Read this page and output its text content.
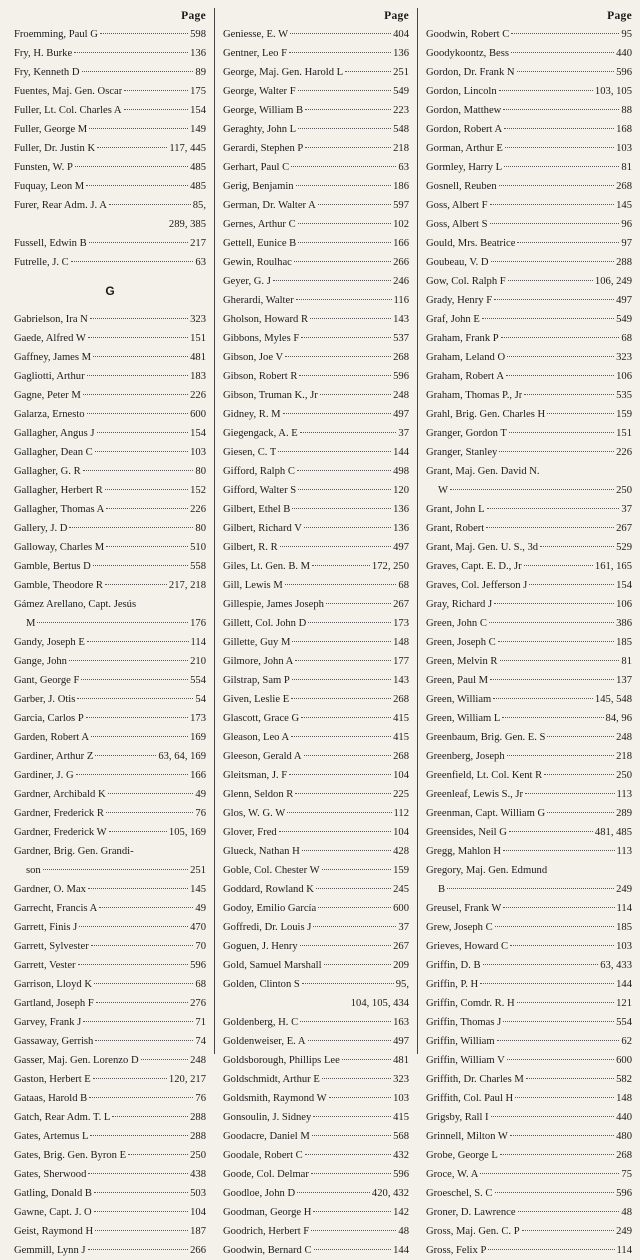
Page
Froemming, Paul G	598
Fry, H. Burke	136
Fry, Kenneth D	89
Fuentes, Maj. Gen. Oscar	175
Fuller, Lt. Col. Charles A	154
Fuller, George M	149
Fuller, Dr. Justin K	117, 445
Funsten, W. P	485
Fuquay, Leon M	485
Furer, Rear Adm. J. A	85,
289, 385
Fussell, Edwin B	217
Futrelle, J. C	63
G
Gabrielson, Ira N	323
Gaede, Alfred W	151
Gaffney, James M	481
Gagliotti, Arthur	183
Gagne, Peter M	226
Galarza, Ernesto	600
Gallagher, Angus J	154
Gallagher, Dean C	103
Gallagher, G. R	80
Gallagher, Herbert R	152
Gallagher, Thomas A	226
Gallery, J. D	80
Galloway, Charles M	510
Gamble, Bertus D	558
Gamble, Theodore R	217, 218
Gámez Arellano, Capt. Jesús
M	176
Gandy, Joseph E	114
Gange, John	210
Gant, George F	554
Garber, J. Otis	54
Garcia, Carlos P	173
Garden, Robert A	169
Gardiner, Arthur Z	63, 64, 169
Gardiner, J. G	166
Gardner, Archibald K	49
Gardner, Frederick R	76
Gardner, Frederick W	105, 169
Gardner, Brig. Gen. Grandi-
son	251
Gardner, O. Max	145
Garrecht, Francis A	49
Garrett, Finis J	470
Garrett, Sylvester	70
Garrett, Vester	596
Garrison, Lloyd K	68
Gartland, Joseph F	276
Garvey, Frank J	71
Gassaway, Gerrish	74
Gasser, Maj. Gen. Lorenzo D	248
Gaston, Herbert E	120, 217
Gataas, Harold B	76
Gatch, Rear Adm. T. L	288
Gates, Artemus L	288
Gates, Brig. Gen. Byron E	250
Gates, Sherwood	438
Gatling, Donald B	503
Gawne, Capt. J. O	104
Geist, Raymond H	187
Gemmill, Lynn J	266
Page
Geniesse, E. W	404
Gentner, Leo F	136
George, Maj. Gen. Harold L	251
George, Walter F	549
George, William B	223
Geraghty, John L	548
Gerardi, Stephen P	218
Gerhart, Paul C	63
Gerig, Benjamin	186
German, Dr. Walter A	597
Gernes, Arthur C	102
Gettell, Eunice B	166
Gewin, Roulhac	266
Geyer, G. J	246
Gherardi, Walter	116
Gholson, Howard R	143
Gibbons, Myles F	537
Gibson, Joe V	268
Gibson, Robert R	596
Gibson, Truman K., Jr	248
Gidney, R. M	497
Giegengack, A. E	37
Giesen, C. T	144
Gifford, Ralph C	498
Gifford, Walter S	120
Gilbert, Ethel B	136
Gilbert, Richard V	136
Gilbert, R. R	497
Giles, Lt. Gen. B. M	172, 250
Gill, Lewis M	68
Gillespie, James Joseph	267
Gillett, Col. John D	173
Gillette, Guy M	148
Gilmore, John A	177
Gilstrap, Sam P	143
Given, Leslie E	268
Glascott, Grace G	415
Gleason, Leo A	415
Gleeson, Gerald A	268
Gleitsman, J. F	104
Glenn, Seldon R	225
Glos, W. G. W	112
Glover, Fred	104
Glueck, Nathan H	428
Goble, Col. Chester W	159
Goddard, Rowland K	245
Godoy, Emilio García	600
Goffredi, Dr. Louis J	37
Goguen, J. Henry	267
Gold, Samuel Marshall	209
Golden, Clinton S	95,
104, 105, 434
Goldenberg, H. C	163
Goldenweiser, E. A	497
Goldsborough, Phillips Lee	481
Goldschmidt, Arthur E	323
Goldsmith, Raymond W	103
Gonsoulin, J. Sidney	415
Goodacre, Daniel M	568
Goodale, Robert C	432
Goode, Col. Delmar	596
Goodloe, John D	420, 432
Goodman, George H	142
Goodrich, Herbert F	48
Goodwin, Bernard C	144
Page
Goodwin, Robert C	95
Goodykoontz, Bess	440
Gordon, Dr. Frank N	596
Gordon, Lincoln	103, 105
Gordon, Matthew	88
Gordon, Robert A	168
Gorman, Arthur E	103
Gormley, Harry L	81
Gosnell, Reuben	268
Goss, Albert F	145
Goss, Albert S	96
Gould, Mrs. Beatrice	97
Goubeau, V. D	288
Gow, Col. Ralph F	106, 249
Grady, Henry F	497
Graf, John E	549
Graham, Frank P	68
Graham, Leland O	323
Graham, Robert A	106
Graham, Thomas P., Jr	535
Grahl, Brig. Gen. Charles H	159
Granger, Gordon T	151
Granger, Stanley	226
Grant, Maj. Gen. David N.
W	250
Grant, John L	37
Grant, Robert	267
Grant, Maj. Gen. U. S., 3d	529
Graves, Capt. E. D., Jr	161, 165
Graves, Col. Jefferson J	154
Gray, Richard J	106
Green, John C	386
Green, Joseph C	185
Green, Melvin R	81
Green, Paul M	137
Green, William	145, 548
Green, William L	84, 96
Greenbaum, Brig. Gen. E. S	248
Greenberg, Joseph	218
Greenfield, Lt. Col. Kent R	250
Greenleaf, Lewis S., Jr	113
Greenman, Capt. William G	289
Greensides, Neil G	481, 485
Gregg, Mahlon H	113
Gregory, Maj. Gen. Edmund
B	249
Greusel, Frank W	114
Grew, Joseph C	185
Grieves, Howard C	103
Griffin, D. B	63, 433
Griffin, P. H	144
Griffin, Comdr. R. H	121
Griffin, Thomas J	554
Griffin, William	62
Griffin, William V	600
Griffith, Dr. Charles M	582
Griffith, Col. Paul H	148
Grigsby, Rall I	440
Grinnell, Milton W	480
Grobe, George L	268
Groce, W. A	75
Groeschel, S. C	596
Groner, D. Lawrence	48
Gross, Maj. Gen. C. P	249
Gross, Felix P	114
